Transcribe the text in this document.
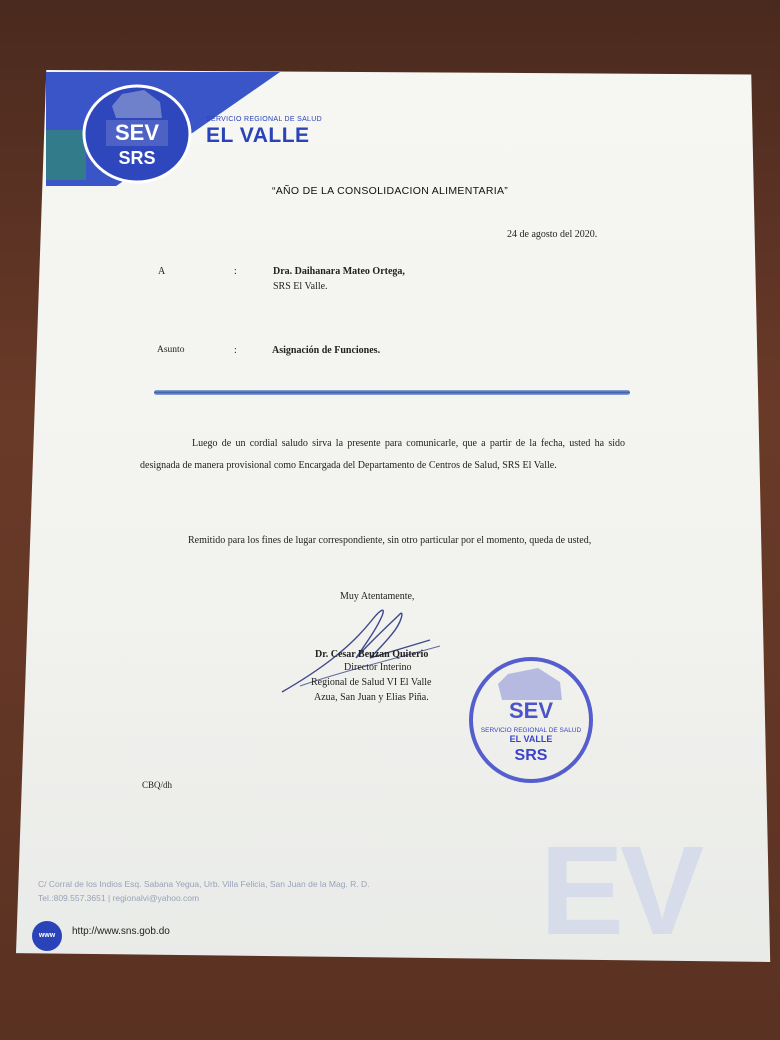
SEV
SRS
SERVICIO REGIONAL DE SALUD
EL VALLE
“AÑO DE LA CONSOLIDACION ALIMENTARIA”
24 de agosto del 2020.
A	:	Dra. Daihanara Mateo Ortega,
SRS El Valle.
Asunto	:	Asignación de Funciones.
Luego de un cordial saludo sirva la presente para comunicarle, que a partir de la fecha, usted ha sido designada de manera provisional como Encargada del Departamento de Centros de Salud, SRS El Valle.
Remitido para los fines de lugar correspondiente, sin otro particular por el momento, queda de usted,
Muy Atentamente,
Dr. Cesar Beuzan Quiterio
Director Interino
Regional de Salud VI El Valle
Azua, San Juan y Elias Piña.
SEV
SERVICIO REGIONAL DE SALUD
EL VALLE
SRS
CBQ/dh
EV
C/ Corral de los Indios Esq. Sabana Yegua, Urb. Villa Felicia, San Juan de la Mag. R. D.
Tel.:809.557.3651 | regionalvi@yahoo.com
www	http://www.sns.gob.do
